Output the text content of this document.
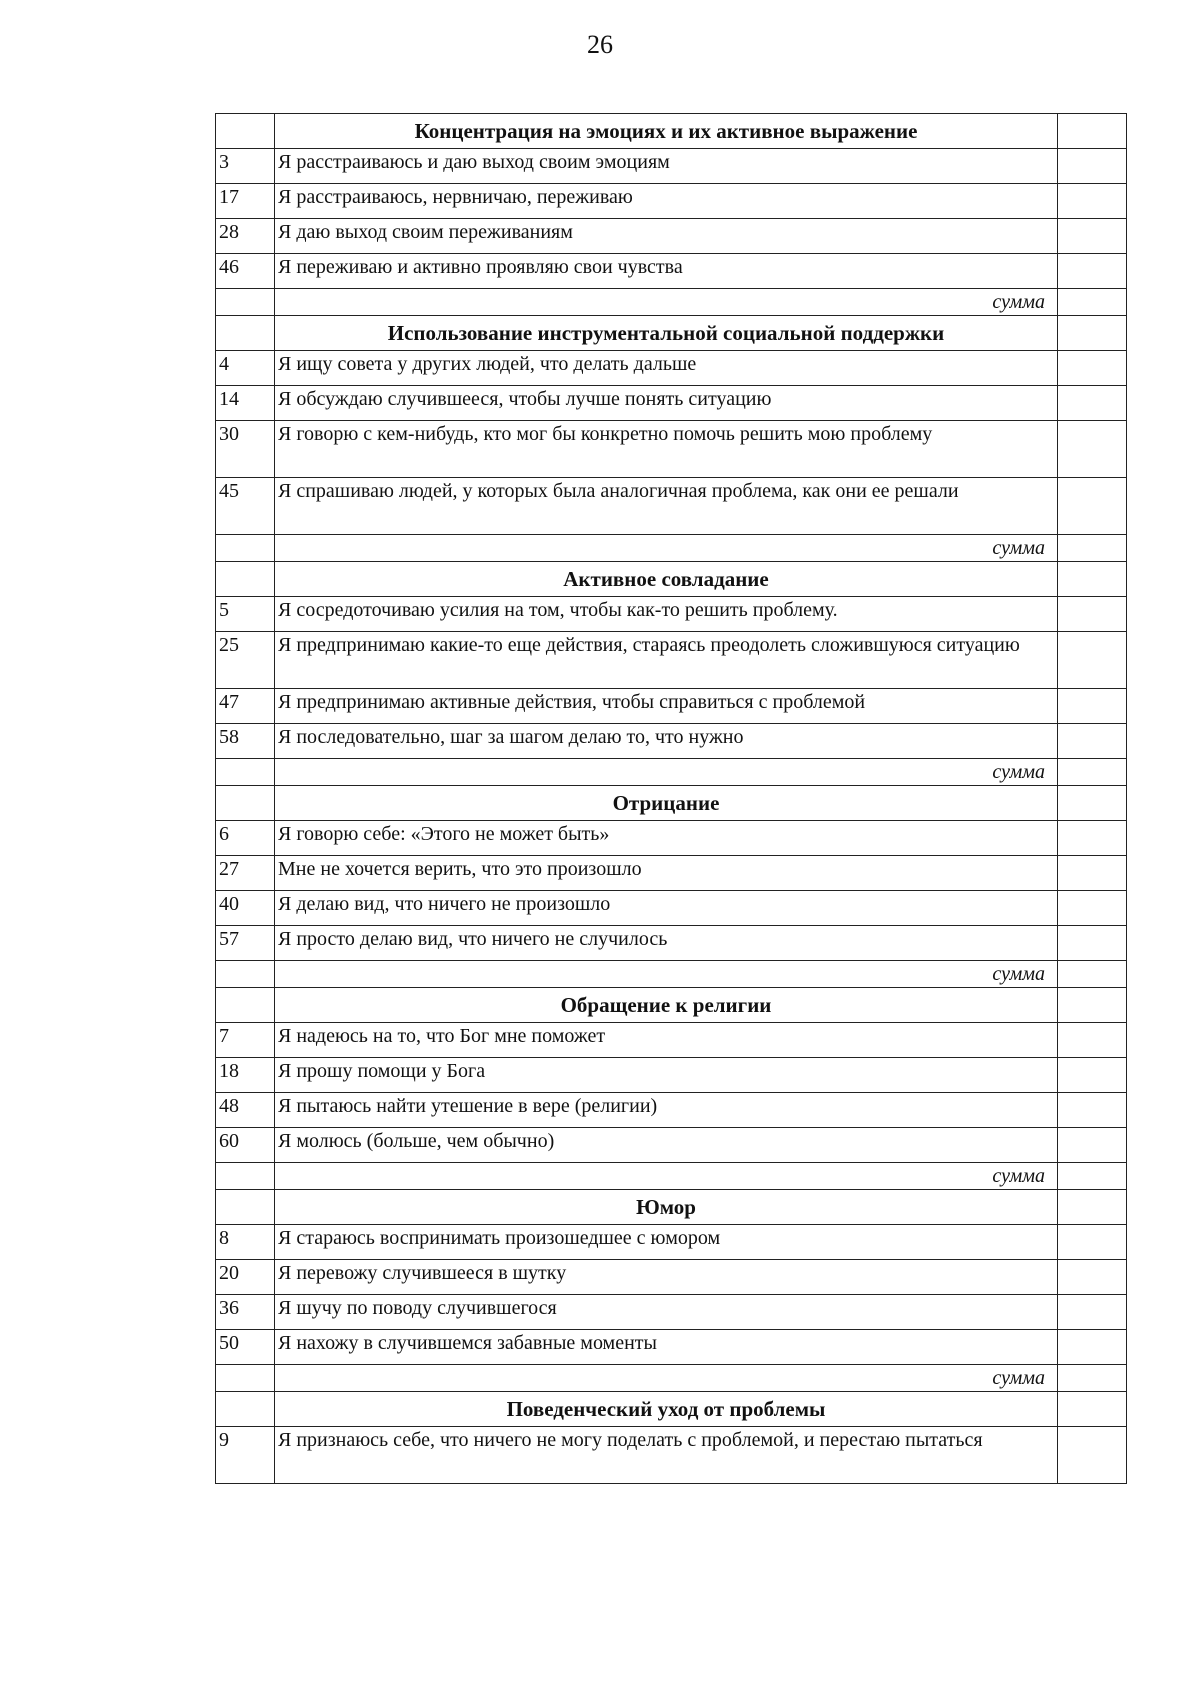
26
	Концентрация на эмоциях и их активное выражение	
3	Я расстраиваюсь и даю выход своим эмоциям	
17	Я расстраиваюсь, нервничаю, переживаю	
28	Я даю выход своим переживаниям	
46	Я переживаю и активно проявляю свои чувства	
	сумма	
	Использование инструментальной социальной поддержки	
4	Я ищу совета у других людей, что делать дальше	
14	Я обсуждаю случившееся, чтобы лучше понять ситуацию	
30	Я говорю с кем-нибудь, кто мог бы конкретно помочь решить мою проблему	
45	Я спрашиваю людей, у которых была аналогичная проблема, как они ее решали	
	сумма	
	Активное совладание	
5	Я сосредоточиваю усилия на том, чтобы как-то решить проблему.	
25	Я предпринимаю какие-то еще действия, стараясь преодолеть сложившуюся ситуацию	
47	Я предпринимаю активные действия, чтобы справиться с проблемой	
58	Я последовательно, шаг за шагом делаю то, что нужно	
	сумма	
	Отрицание	
6	Я говорю себе: «Этого не может быть»	
27	Мне не хочется верить, что это произошло	
40	Я делаю вид, что ничего не произошло	
57	Я просто делаю вид, что ничего не случилось	
	сумма	
	Обращение к религии	
7	Я надеюсь на то, что Бог мне поможет	
18	Я прошу помощи у Бога	
48	Я пытаюсь найти утешение в вере (религии)	
60	Я молюсь (больше, чем обычно)	
	сумма	
	Юмор	
8	Я стараюсь воспринимать произошедшее с юмором	
20	Я перевожу случившееся в шутку	
36	Я шучу по поводу случившегося	
50	Я нахожу в случившемся забавные моменты	
	сумма	
	Поведенческий уход от проблемы	
9	Я признаюсь себе, что ничего не могу поделать с проблемой, и перестаю пытаться	
